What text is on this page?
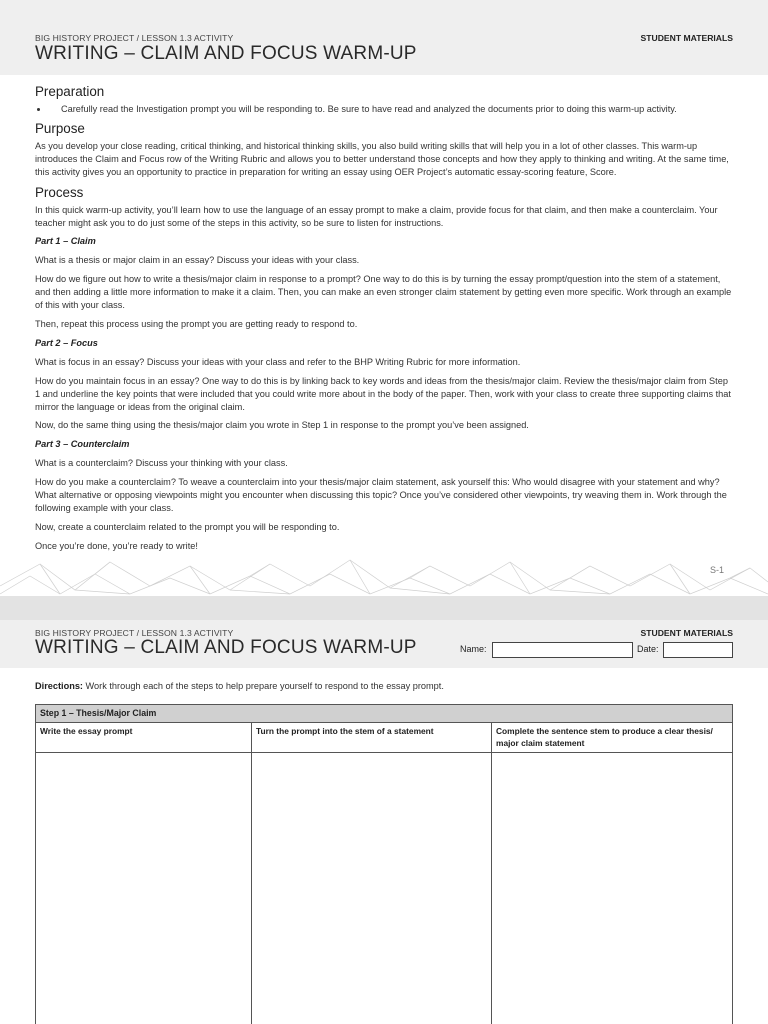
BIG HISTORY PROJECT / LESSON 1.3 ACTIVITY
WRITING – CLAIM AND FOCUS WARM-UP
STUDENT MATERIALS
Preparation
• Carefully read the Investigation prompt you will be responding to. Be sure to have read and analyzed the documents prior to doing this warm-up activity.
Purpose

As you develop your close reading, critical thinking, and historical thinking skills, you also build writing skills that will help you in a lot of other classes. This warm-up introduces the Claim and Focus row of the Writing Rubric and allows you to better understand those concepts and how they apply to thinking and writing. At the same time, this activity gives you an opportunity to practice in preparation for writing an essay using OER Project’s automatic essay-scoring feature, Score.

Process

In this quick warm-up activity, you’ll learn how to use the language of an essay prompt to make a claim, provide focus for that claim, and then make a counterclaim. Your teacher might ask you to do just some of the steps in this activity, so be sure to listen for instructions.

Part 1 – Claim

What is a thesis or major claim in an essay? Discuss your ideas with your class.

How do we figure out how to write a thesis/major claim in response to a prompt? One way to do this is by turning the essay prompt/question into the stem of a statement, and then adding a little more information to make it a claim. Then, you can make an even stronger claim statement by getting even more specific. Work through an example of this with your class.

Then, repeat this process using the prompt you are getting ready to respond to.

Part 2 – Focus

What is focus in an essay? Discuss your ideas with your class and refer to the BHP Writing Rubric for more information.

How do you maintain focus in an essay? One way to do this is by linking back to key words and ideas from the thesis/major claim. Review the thesis/major claim from Step 1 and underline the key points that were included that you could write more about in the body of the paper. Then, work with your class to create three supporting claims that mirror the language or ideas from the original claim.

Now, do the same thing using the thesis/major claim you wrote in Step 1 in response to the prompt you’ve been assigned.

Part 3 – Counterclaim

What is a counterclaim? Discuss your thinking with your class.

How do you make a counterclaim? To weave a counterclaim into your thesis/major claim statement, ask yourself this: Who would disagree with your statement and why? What alternative or opposing viewpoints might you encounter when discussing this topic? Once you’ve considered other viewpoints, try weaving them in. Work through the following example with your class.

Now, create a counterclaim related to the prompt you will be responding to.

Once you’re done, you’re ready to write!

S-1
BIG HISTORY PROJECT / LESSON 1.3 ACTIVITY
WRITING – CLAIM AND FOCUS WARM-UP
STUDENT MATERIALS
Name:	Date:
Directions: Work through each of the steps to help prepare yourself to respond to the essay prompt.
Step 1 – Thesis/Major Claim		
Write the essay prompt	Turn the prompt into the stem of a statement	Complete the sentence stem to produce a clear thesis/ major claim statement
